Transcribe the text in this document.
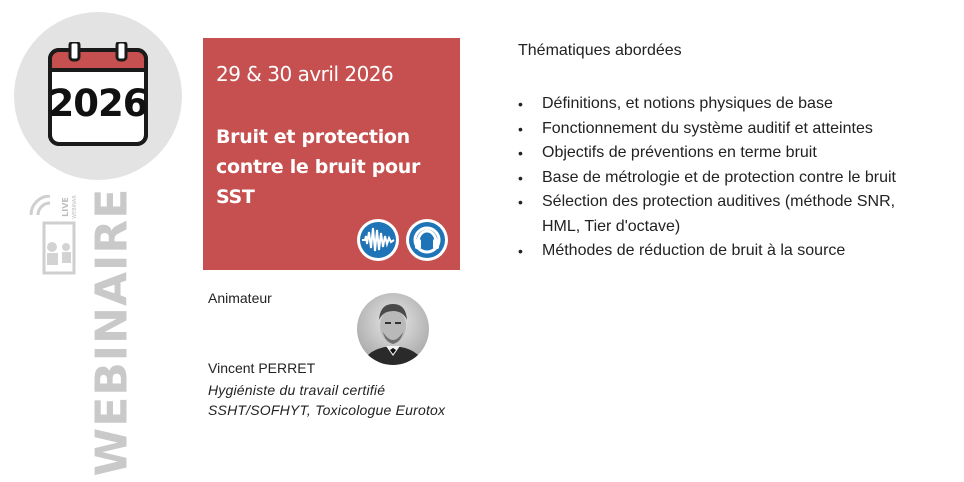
2026
LIVE WEBINAR WEBINAIRE
29 & 30 avril 2026
Bruit et protection contre le bruit pour SST
Animateur
Vincent PERRET
Hygiéniste du travail certifié SSHT/SOFHYT, Toxicologue Eurotox
Thématiques abordées
• Définitions, et notions physiques de base
• Fonctionnement du système auditif et atteintes
• Objectifs de préventions en terme bruit
• Base de métrologie et de protection contre le bruit
• Sélection des protection auditives (méthode SNR, HML, Tier d'octave)
• Méthodes de réduction de bruit à la source
